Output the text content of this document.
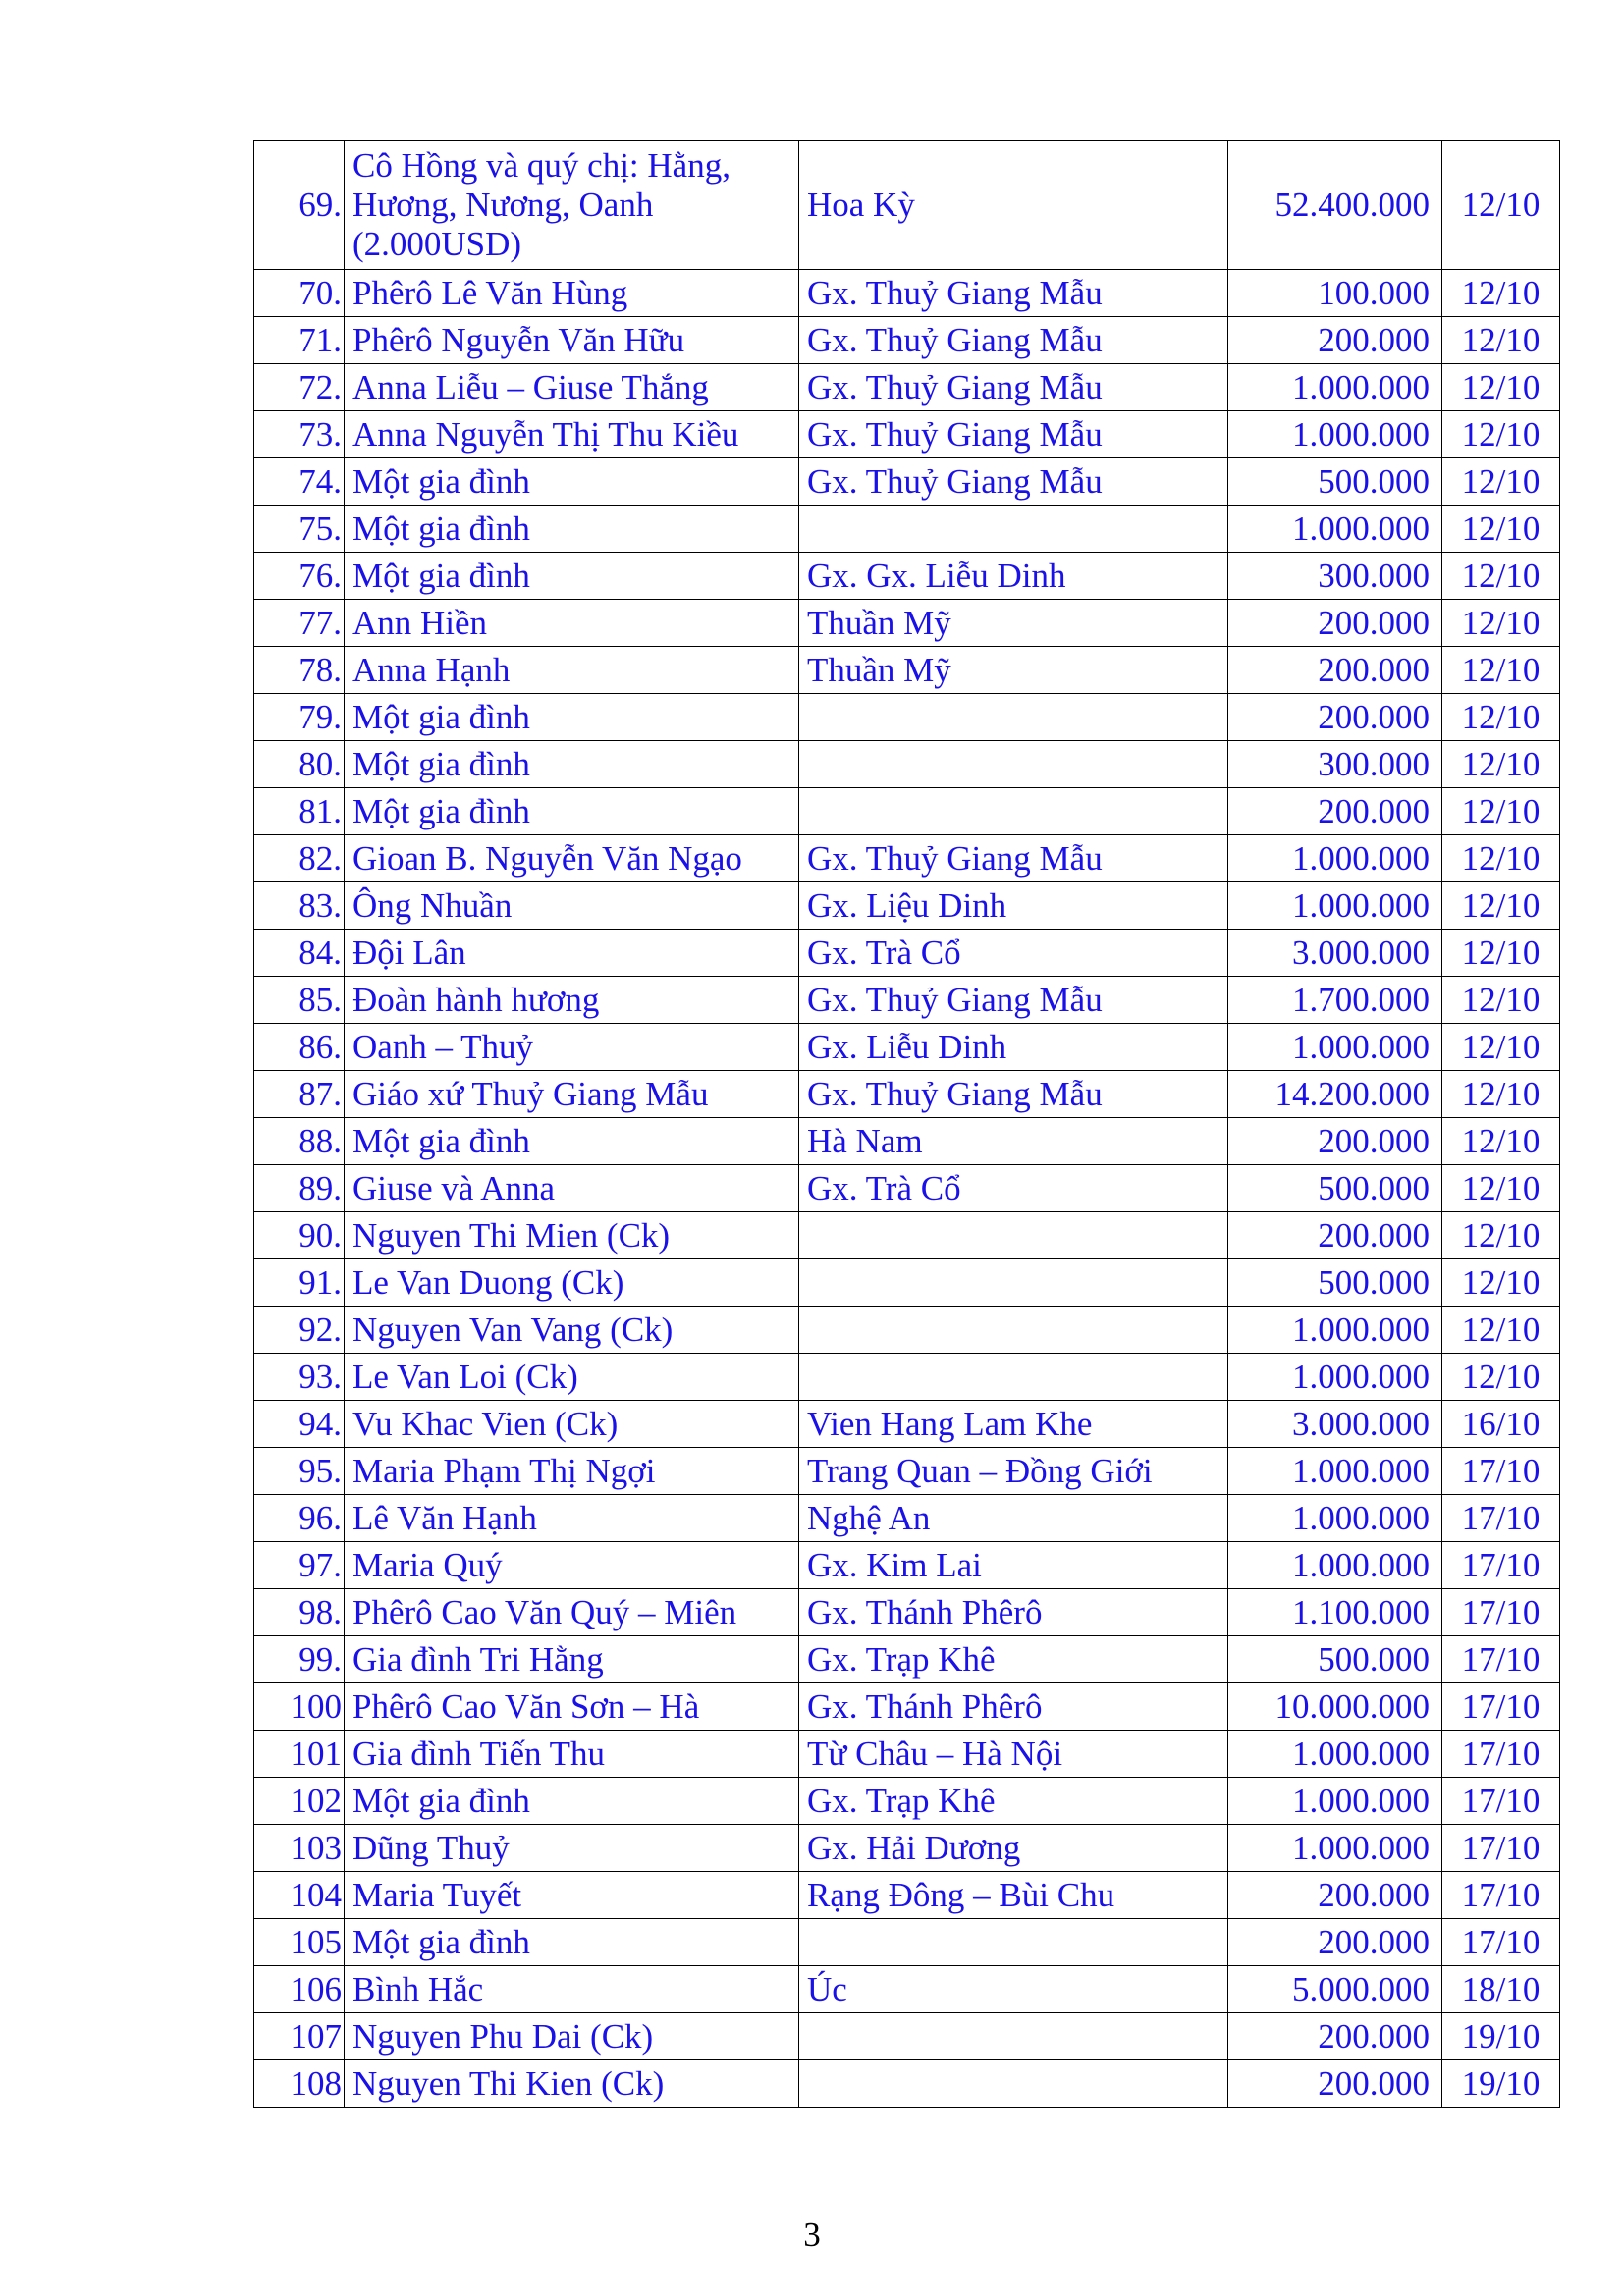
69.	Cô Hồng và quý chị: Hằng, Hương, Nương, Oanh (2.000USD)	Hoa Kỳ	52.400.000	12/10
70.	Phêrô Lê Văn Hùng	Gx. Thuỷ Giang Mẫu	100.000	12/10
71.	Phêrô Nguyễn Văn Hữu	Gx. Thuỷ Giang Mẫu	200.000	12/10
72.	Anna Liễu – Giuse Thắng	Gx. Thuỷ Giang Mẫu	1.000.000	12/10
73.	Anna Nguyễn Thị Thu Kiều	Gx. Thuỷ Giang Mẫu	1.000.000	12/10
74.	Một gia đình	Gx. Thuỷ Giang Mẫu	500.000	12/10
75.	Một gia đình		1.000.000	12/10
76.	Một gia đình	Gx. Gx. Liễu Dinh	300.000	12/10
77.	Ann Hiền	Thuần Mỹ	200.000	12/10
78.	Anna Hạnh	Thuần Mỹ	200.000	12/10
79.	Một gia đình		200.000	12/10
80.	Một gia đình		300.000	12/10
81.	Một gia đình		200.000	12/10
82.	Gioan B. Nguyễn Văn Ngạo	Gx. Thuỷ Giang Mẫu	1.000.000	12/10
83.	Ông Nhuần	Gx. Liệu Dinh	1.000.000	12/10
84.	Đội Lân	Gx. Trà Cổ	3.000.000	12/10
85.	Đoàn hành hương	Gx. Thuỷ Giang Mẫu	1.700.000	12/10
86.	Oanh – Thuỷ	Gx. Liễu Dinh	1.000.000	12/10
87.	Giáo xứ Thuỷ Giang Mẫu	Gx. Thuỷ Giang Mẫu	14.200.000	12/10
88.	Một gia đình	Hà Nam	200.000	12/10
89.	Giuse và Anna	Gx. Trà Cổ	500.000	12/10
90.	Nguyen Thi Mien (Ck)		200.000	12/10
91.	Le Van Duong (Ck)		500.000	12/10
92.	Nguyen Van Vang (Ck)		1.000.000	12/10
93.	Le Van Loi (Ck)		1.000.000	12/10
94.	Vu Khac Vien (Ck)	Vien Hang Lam Khe	3.000.000	16/10
95.	Maria Phạm Thị Ngợi	Trang Quan – Đồng Giới	1.000.000	17/10
96.	Lê Văn Hạnh	Nghệ An	1.000.000	17/10
97.	Maria Quý	Gx. Kim Lai	1.000.000	17/10
98.	Phêrô Cao Văn Quý – Miên	Gx. Thánh Phêrô	1.100.000	17/10
99.	Gia đình Tri Hằng	Gx. Trạp Khê	500.000	17/10
100	Phêrô Cao Văn Sơn – Hà	Gx. Thánh Phêrô	10.000.000	17/10
101	Gia đình Tiến Thu	Từ Châu – Hà Nội	1.000.000	17/10
102	Một gia đình	Gx. Trạp Khê	1.000.000	17/10
103	Dũng Thuỷ	Gx. Hải Dương	1.000.000	17/10
104	Maria Tuyết	Rạng Đông – Bùi Chu	200.000	17/10
105	Một gia đình		200.000	17/10
106	Bình Hắc	Úc	5.000.000	18/10
107	Nguyen Phu Dai (Ck)		200.000	19/10
108	Nguyen Thi Kien (Ck)		200.000	19/10
3
